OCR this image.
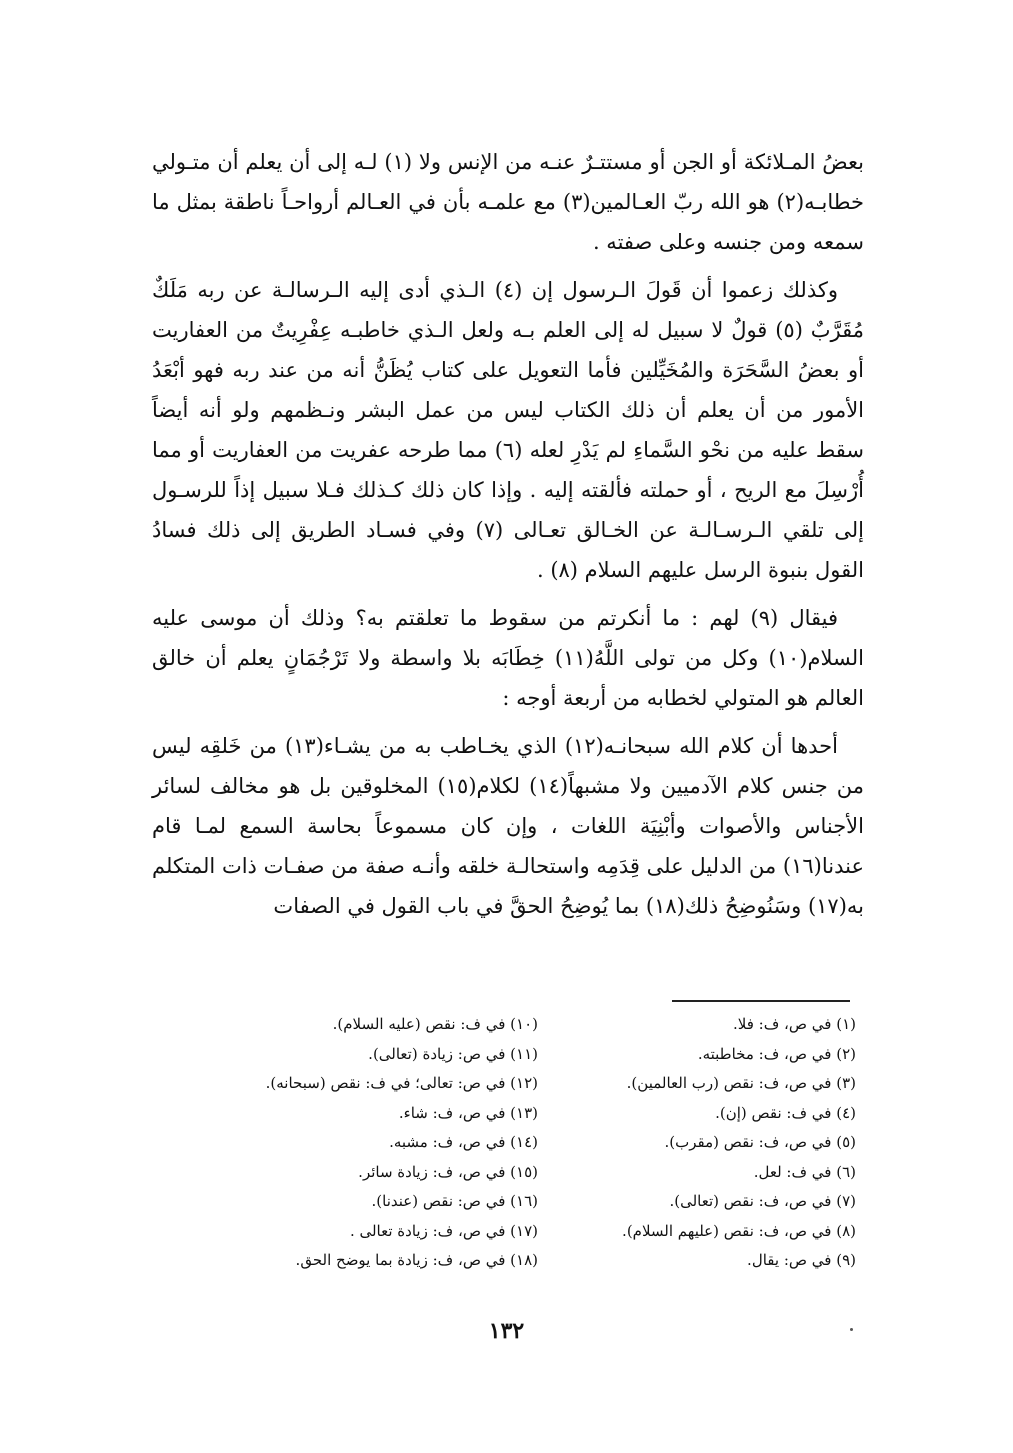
بعضُ المـلائكة أو الجن أو مستتـرٌ عنـه من الإنس ولا (١) لـه إلى أن يعلم أن متـولي خطابـه(٢) هو الله ربّ العـالمين(٣) مع علمـه بأن في العـالم أرواحـاً ناطقة بمثل ما سمعه ومن جنسه وعلى صفته .

وكذلك زعموا أن قَولَ الـرسول إن (٤) الـذي أدى إليه الـرسالـة عن ربه مَلَكٌ مُقَرَّبٌ (٥) قولٌ لا سبيل له إلى العلم بـه ولعل الـذي خاطبـه عِفْرِيتٌ من العفاريت أو بعضُ السَّحَرَة والمُخَيِّلين فأما التعويل على كتاب يُظَنُّ أنه من عند ربه فهو أبْعَدُ الأمور من أن يعلم أن ذلك الكتاب ليس من عمل البشر ونـظمهم ولو أنه أيضاً سقط عليه من نحْو السَّماءِ لم يَدْرِ لعله (٦) مما طرحه عفريت من العفاريت أو مما أُرْسِلَ مع الريح ، أو حملته فألقته إليه . وإذا كان ذلك كـذلك فـلا سبيل إذاً للرسـول إلى تلقي الـرسـالـة عن الخـالق تعـالى (٧) وفي فسـاد الطريق إلى ذلك فسادُ القول بنبوة الرسل عليهم السلام (٨) .

فيقال (٩) لهم : ما أنكرتم من سقوط ما تعلقتم به؟ وذلك أن موسى عليه السلام(١٠) وكل من تولى اللَّهُ(١١) خِطَابَه بلا واسطة ولا تَرْجُمَانٍ يعلم أن خالق العالم هو المتولي لخطابه من أربعة أوجه :

أحدها أن كلام الله سبحانـه(١٢) الذي يخـاطب به من يشـاء(١٣) من خَلقِه ليس من جنس كلام الآدميين ولا مشبهاً(١٤) لكلام(١٥) المخلوقين بل هو مخالف لسائر الأجناس والأصوات وأبْنِيَة اللغات ، وإن كان مسموعاً بحاسة السمع لمـا قام عندنا(١٦) من الدليل على قِدَمِه واستحالـة خلقه وأنـه صفة من صفـات ذات المتكلم به(١٧) وسَنُوضِحُ ذلك(١٨) بما يُوضِحُ الحقَّ في باب القول في الصفات

(١) في ص، ف: فلا.
(٢) في ص، ف: مخاطبته.
(٣) في ص، ف: نقص (رب العالمين).
(٤) في ف: نقص (إن).
(٥) في ص، ف: نقص (مقرب).
(٦) في ف: لعل.
(٧) في ص، ف: نقص (تعالى).
(٨) في ص، ف: نقص (عليهم السلام).
(٩) في ص: يقال.
(١٠) في ف: نقص (عليه السلام).
(١١) في ص: زيادة (تعالى).
(١٢) في ص: تعالى؛ في ف: نقص (سبحانه).
(١٣) في ص، ف: شاء.
(١٤) في ص، ف: مشبه.
(١٥) في ص، ف: زيادة سائر.
(١٦) في ص: نقص (عندنا).
(١٧) في ص، ف: زيادة تعالى .
(١٨) في ص، ف: زيادة بما يوضح الحق.
١٣٢
